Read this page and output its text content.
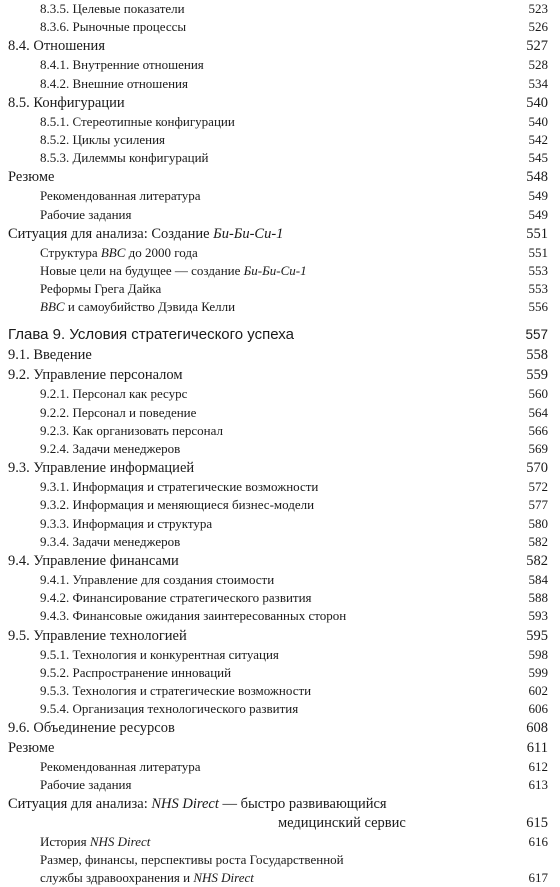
8.3.5. Целевые показатели	523
8.3.6. Рыночные процессы	526
8.4. Отношения	527
8.4.1. Внутренние отношения	528
8.4.2. Внешние отношения	534
8.5. Конфигурации	540
8.5.1. Стереотипные конфигурации	540
8.5.2. Циклы усиления	542
8.5.3. Дилеммы конфигураций	545
Резюме	548
Рекомендованная литература	549
Рабочие задания	549
Ситуация для анализа: Создание Би-Би-Си-1	551
Структура BBC до 2000 года	551
Новые цели на будущее — создание Би-Би-Си-1	553
Реформы Грега Дайка	553
BBC и самоубийство Дэвида Келли	556
Глава 9. Условия стратегического успеха	557
9.1. Введение	558
9.2. Управление персоналом	559
9.2.1. Персонал как ресурс	560
9.2.2. Персонал и поведение	564
9.2.3. Как организовать персонал	566
9.2.4. Задачи менеджеров	569
9.3. Управление информацией	570
9.3.1. Информация и стратегические возможности	572
9.3.2. Информация и меняющиеся бизнес-модели	577
9.3.3. Информация и структура	580
9.3.4. Задачи менеджеров	582
9.4. Управление финансами	582
9.4.1. Управление для создания стоимости	584
9.4.2. Финансирование стратегического развития	588
9.4.3. Финансовые ожидания заинтересованных сторон	593
9.5. Управление технологией	595
9.5.1. Технология и конкурентная ситуация	598
9.5.2. Распространение инноваций	599
9.5.3. Технология и стратегические возможности	602
9.5.4. Организация технологического развития	606
9.6. Объединение ресурсов	608
Резюме	611
Рекомендованная литература	612
Рабочие задания	613
Ситуация для анализа: NHS Direct — быстро развивающийся
медицинский сервис	615
История NHS Direct	616
Размер, финансы, перспективы роста Государственной
службы здравоохранения и NHS Direct	617
